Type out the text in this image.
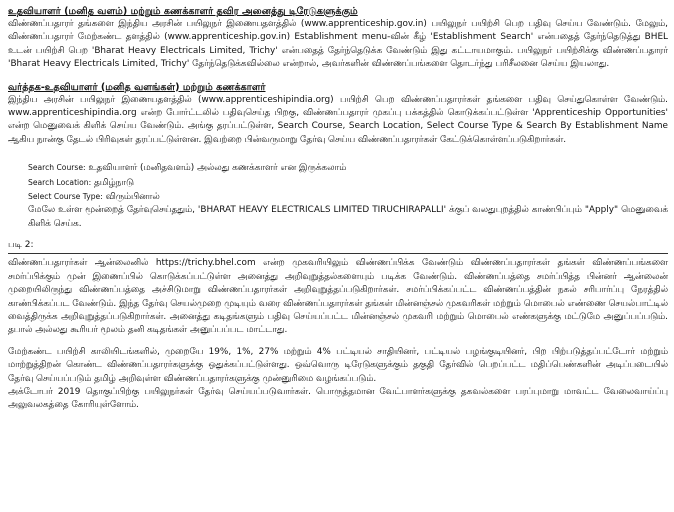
உதவியாளர் (மனித வளம்) மற்றும் கணக்காளர் தவிர அனைத்து டிரேடுகளுக்கும்

விண்ணப்பதாரர் தங்களை இந்திய அரசின் பயிலுநர் இணையதளத்தில் (www.apprenticeship.gov.in) பயிலுநர் பயிற்சி பெற பதிவு செய்ய வேண்டும். மேலும், விண்ணப்பதாரர் மேற்கண்ட தளத்தில் (www.apprenticeship.gov.in) Establishment menu-வின் கீழ் 'Establishment Search' என்பதைத் தேர்ந்தெடுத்து BHEL உடன் பயிற்சி பெற 'Bharat Heavy Electricals Limited, Trichy' என்பதைத் தேர்ந்தெடுக்க வேண்டும் இது கட்டாயமாகும். பயிலுநர் பயிற்சிக்கு விண்ணப்பதாரர் 'Bharat Heavy Electricals Limited, Trichy' தேர்ந்தெடுக்கவில்லை என்றால், அவர்களின் விண்ணப்பங்களை தொடர்ந்து பரிசீலனை செய்ய இயலாது.

வர்த்தக-உதவியாளர் (மனித வளங்கள்) மற்றும் கணக்காளர்

இந்திய அரசின் பயிலுநர் இணையதளத்தில் (www.apprenticeshipindia.org) பயிற்சி பெற விண்ணப்பதாரர்கள் தங்களை பதிவு செய்துகொள்ள வேண்டும். www.apprenticeshipindia.org என்ற போர்ட்டலில் பதிவுசெய்த பிறகு, விண்ணப்பதாரர் முகப்பு பக்கத்தில் கொடுக்கப்பட்டுள்ள 'Apprenticeship Opportunities' என்ற மெனுவைக் கிளிக் செய்ய வேண்டும். அங்கு தரப்பட்டுள்ள, Search Course, Search Location, Select Course Type & Search By Establishment Name ஆகிய நான்கு தேடல் பிரிவுகள் தரப்பட்டுள்ளன. இவற்றை பின்வருமாறு தேர்வு செய்ய விண்ணப்பதாரர்கள் கேட்டுக்கொள்ளப்படுகிறார்கள்.

Search Course: உதவியாளர் (மனிதவளம்) அல்லது கணக்காளர் என இருக்கலாம்

Search Location: தமிழ்நாடு

Select Course Type: விரும்பினால்

மேலே உள்ள மூன்றைத் தேர்வுசெய்ததும், 'BHARAT HEAVY ELECTRICALS LIMITED TIRUCHIRAPALLI' க்குப் வலதுபுறத்தில் காண்பிப்பும் "Apply" மெனுவைக் கிளிக் செய்க.

படி 2:

விண்ணப்பதாரர்கள் ஆன்லைனில் https://trichy.bhel.com என்ற முகவரியிலும் விண்ணப்பிக்க வேண்டும் விண்ணப்பதாரர்கள் தங்கள் விண்ணப்பங்களை சமர்ப்பிக்கும் முன் இணைப்பில் கொடுக்கப்பட்டுள்ள அனைத்து அறிவுறுத்தல்களையும் படிக்க வேண்டும். விண்ணப்பத்தை சமர்ப்பித்த பின்னர் ஆன்லைன் முறையிலிருந்து விண்ணப்பத்தை அச்சிடுமாறு விண்ணப்பதாரர்கள் அறிவுறுத்தப்படுகிறார்கள். சமர்ப்பிக்கப்பட்ட விண்ணப்பத்தின் நகல் சரிபார்ப்பு நேரத்தில் காண்பிக்கப்பட வேண்டும். இந்த தேர்வு செயல்முறை முடியும் வரை விண்ணப்பதாரர்கள் தங்கள் மின்னஞ்சல் முகவரிகள் மற்றும் மொபைல் எண்ணை செயல்பாட்டில் வைத்திருக்க அறிவுறுத்தப்படுகிறார்கள். அனைத்து கடிதங்களும் பதிவு செய்யப்பட்ட மின்னஞ்சல் முகவரி மற்றும் மொபைல் எண்களுக்கு மட்டுமே அனுப்பப்படும். தபால் அல்லது கூரியர் மூலம் தனி கடிதங்கள் அனுப்பப்பட மாட்டாது.

மேற்கண்ட பயிற்சி காலியிடங்களில், முறையே 19%, 1%, 27% மற்றும் 4% பட்டியல் சாதியினர், பட்டியல் பழங்குடியினர், பிற பிற்படுத்தப்பட்டோர் மற்றும் மாற்றுத்திறன் கொண்ட விண்ணப்பதாரர்களுக்கு ஒதுக்கப்பட்டுள்ளது. ஒவ்வொரு டிரேடுகளுக்கும் தகுதி தேர்வில் பெறப்பட்ட மதிப்பெண்களின் அடிப்படையில் தேர்வு செய்யப்படும் தமிழ் அறிவுள்ள விண்ணப்பதாரர்களுக்கு முன்னுரிமை வழங்கப்படும்.

அக்டோபர் 2019 தொகுப்பிற்கு பயிலுநர்கள் தேர்வு செய்யப்படுவார்கள். பொருத்தமான வேட்பாளர்களுக்கு தகவல்களை பரப்புமாறு மாவட்ட வேலைவாய்ப்பு அலுவலகத்தை கோரியுள்ளோம்.
